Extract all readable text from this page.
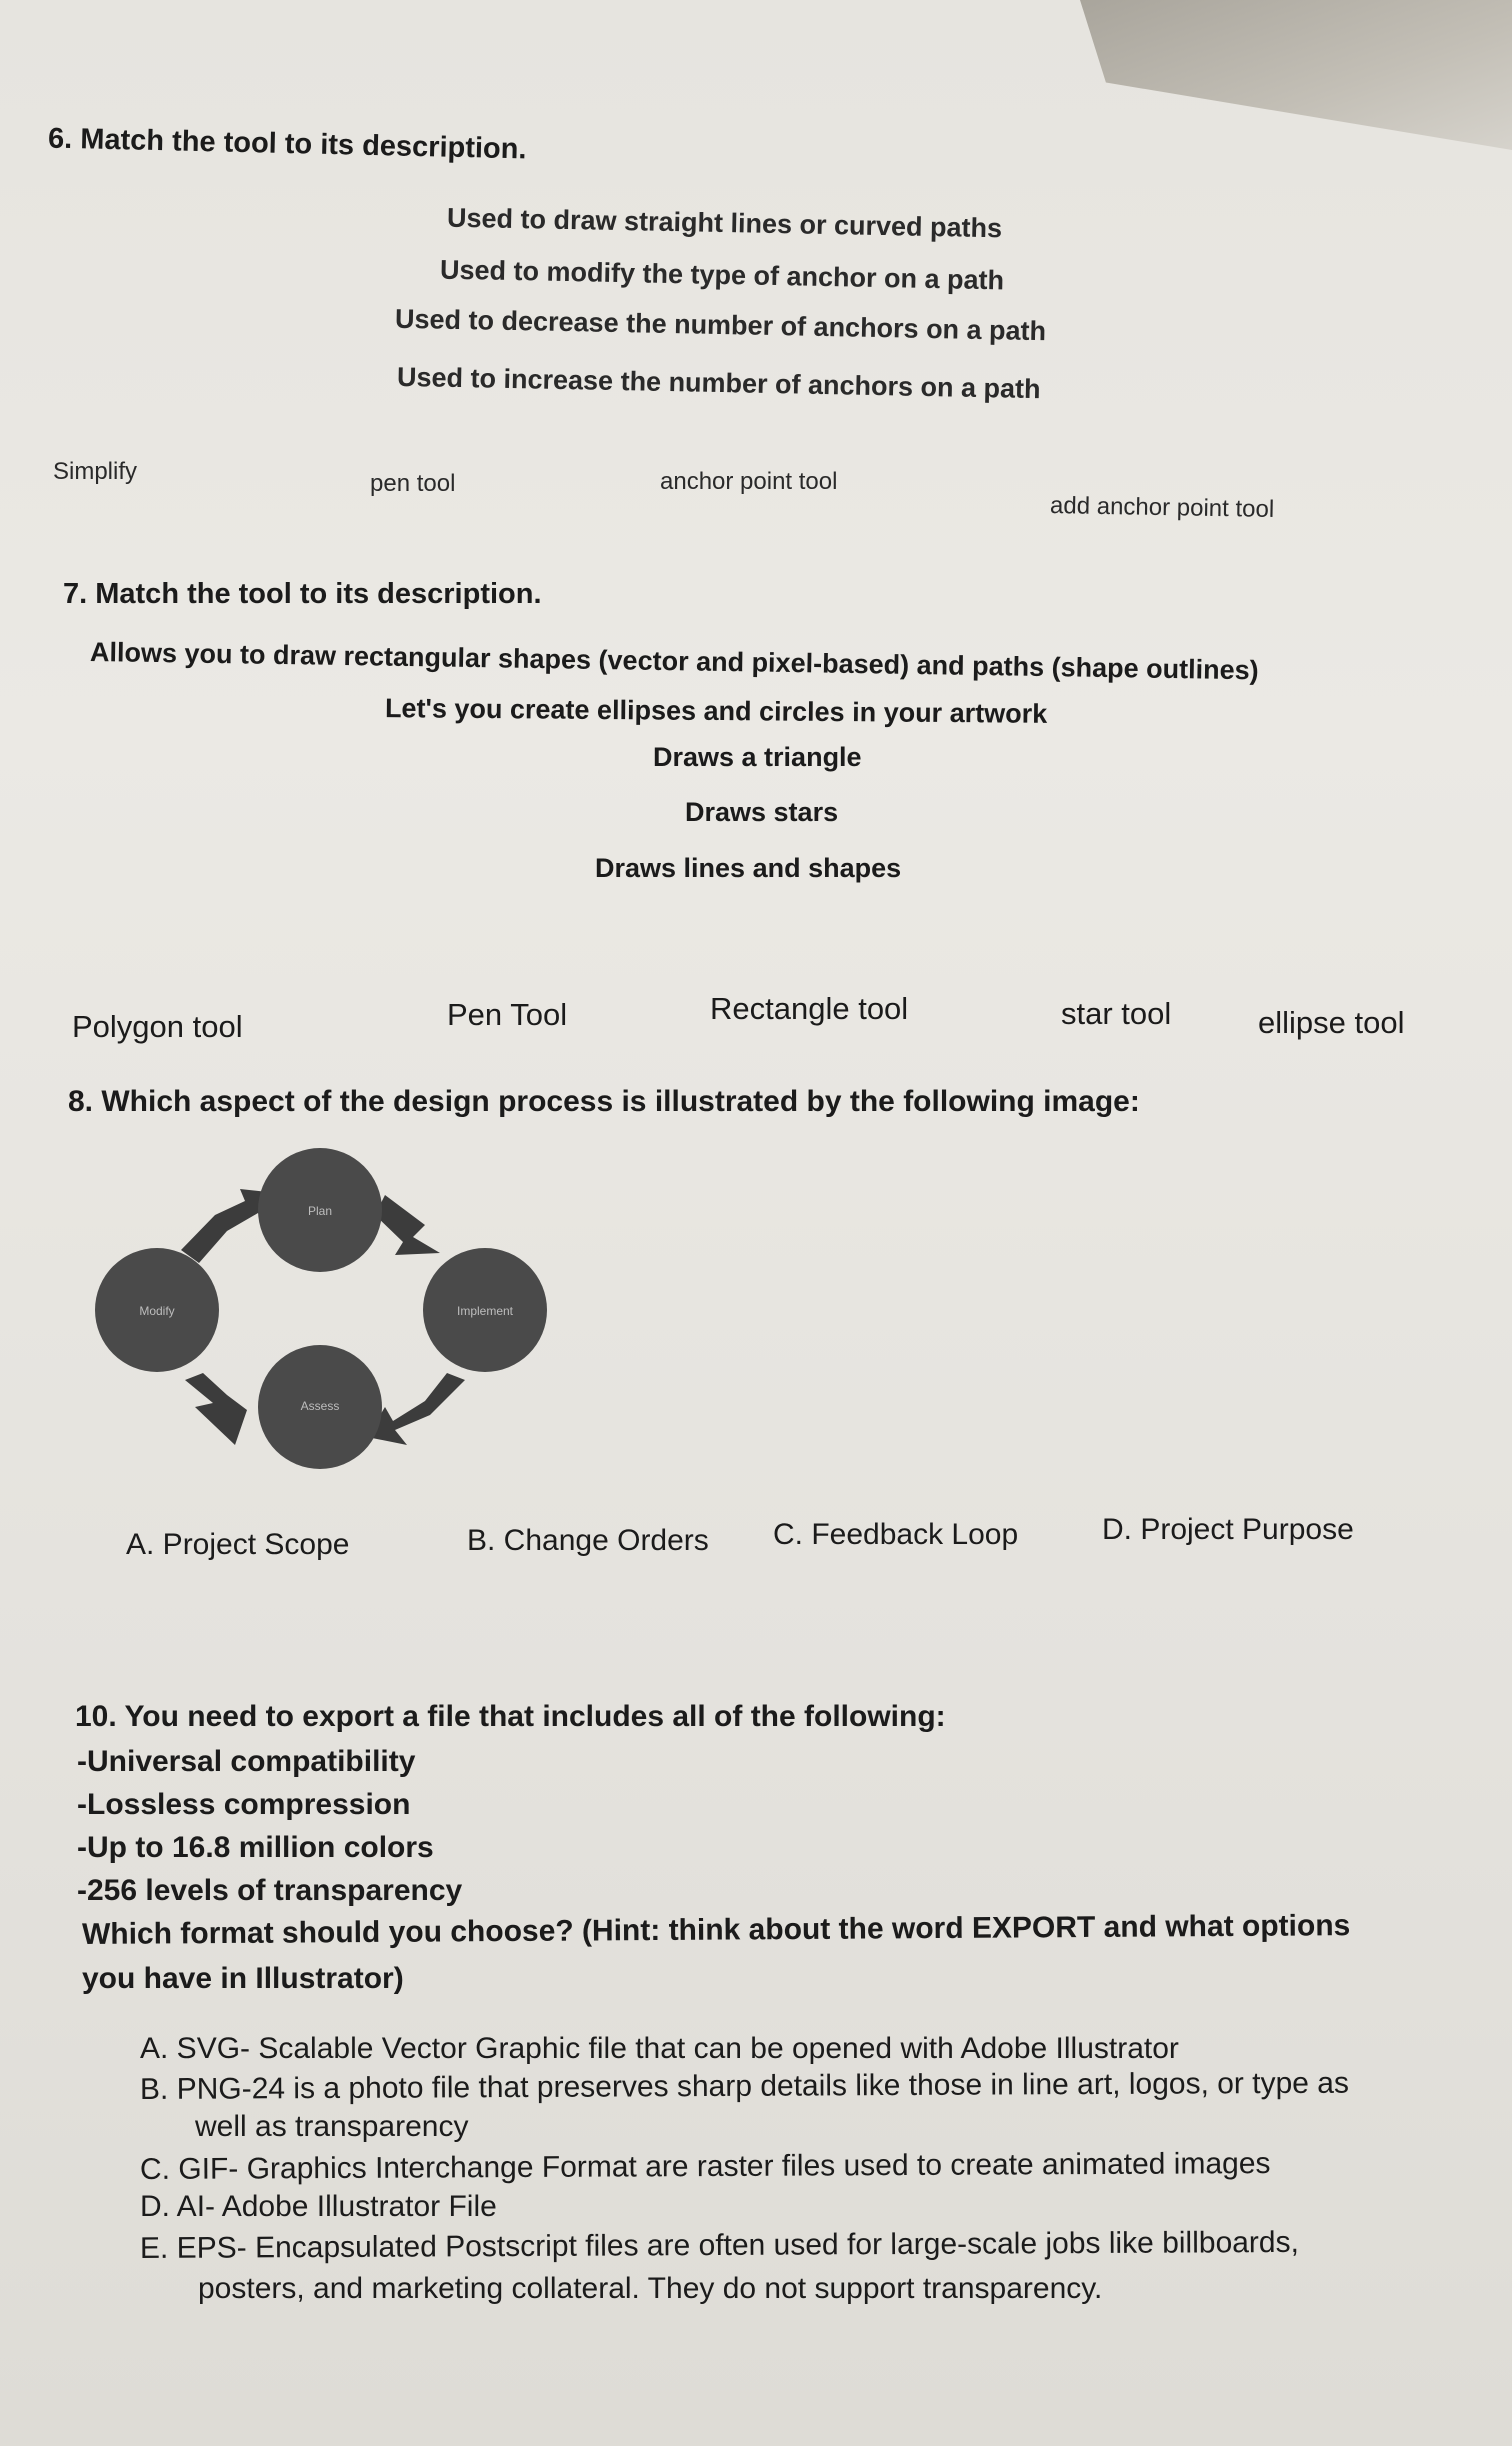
6. Match the tool to its description.
Used to draw straight lines or curved paths
Used to modify the type of anchor on a path
Used to decrease the number of anchors on a path
Used to increase the number of anchors on a path
Simplify	pen tool	anchor point tool
add anchor point tool
7. Match the tool to its description.
Allows you to draw rectangular shapes (vector and pixel-based) and paths (shape outlines)
Let's you create ellipses and circles in your artwork
Draws a triangle
Draws stars
Draws lines and shapes
Polygon tool	Pen Tool	Rectangle tool	star tool	ellipse tool
8. Which aspect of the design process is illustrated by the following image:
Plan
Implement
Assess
Modify
A. Project Scope	B. Change Orders C. Feedback Loop	D. Project Purpose
10. You need to export a file that includes all of the following:
-Universal compatibility
-Lossless compression
-Up to 16.8 million colors
-256 levels of transparency
Which format should you choose? (Hint: think about the word EXPORT and what options
you have in Illustrator)
A. SVG- Scalable Vector Graphic file that can be opened with Adobe Illustrator
B. PNG-24 is a photo file that preserves sharp details like those in line art, logos, or type as
well as transparency
C. GIF- Graphics Interchange Format are raster files used to create animated images
D. AI- Adobe Illustrator File
E. EPS- Encapsulated Postscript files are often used for large-scale jobs like billboards,
posters, and marketing collateral. They do not support transparency.
